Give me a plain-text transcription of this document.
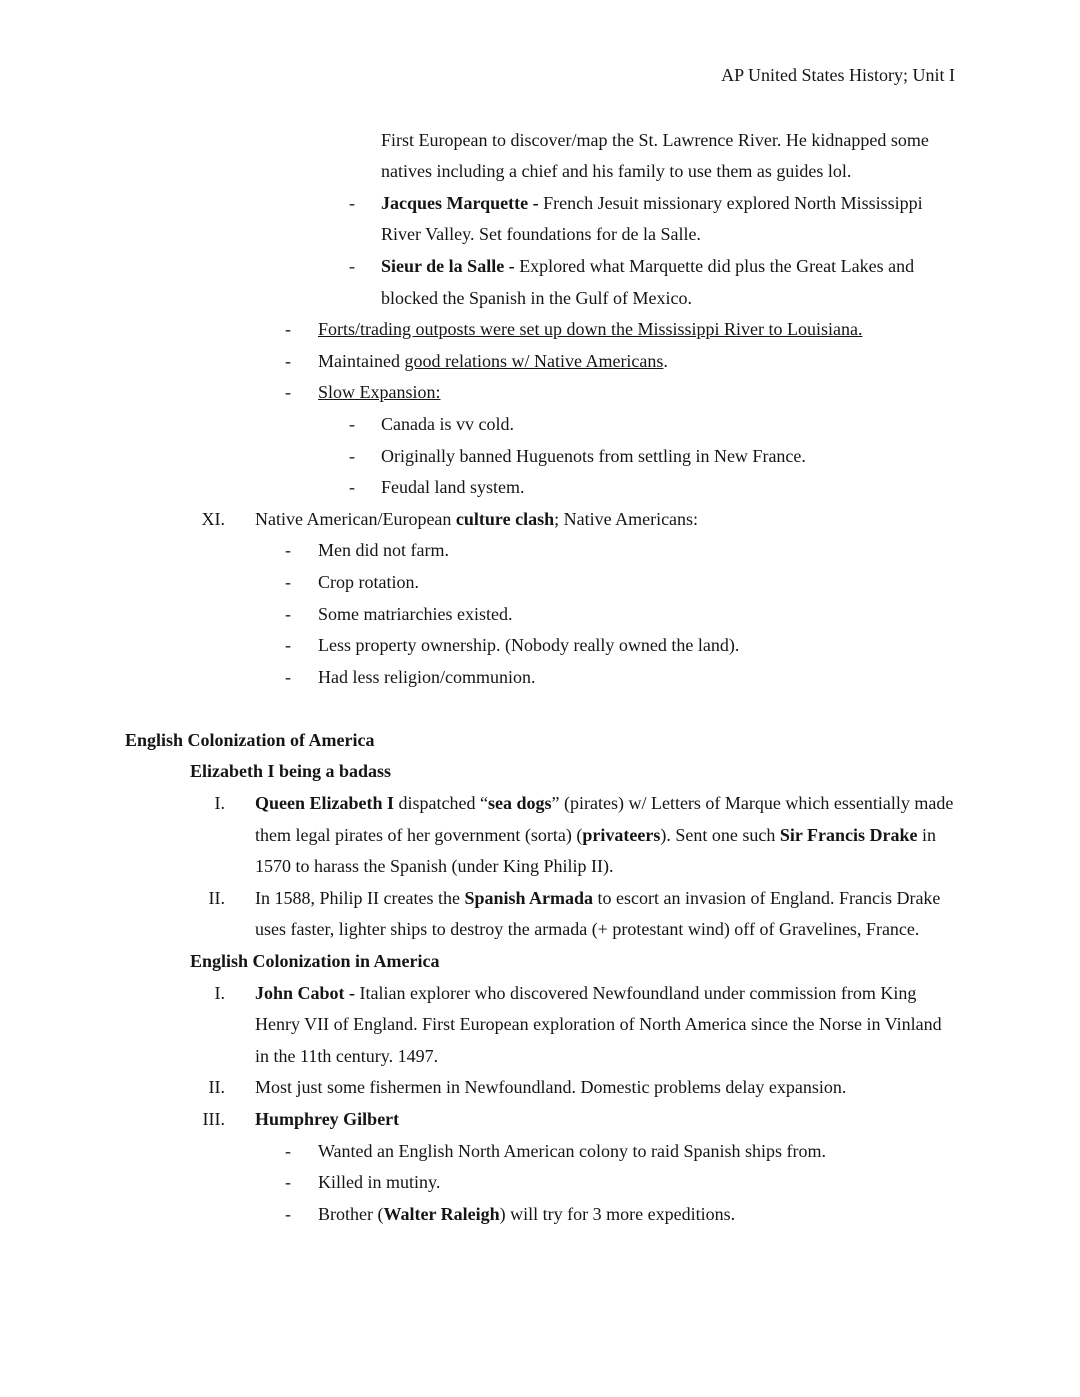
AP United States History; Unit I
First European to discover/map the St. Lawrence River. He kidnapped some natives including a chief and his family to use them as guides lol.
-	Jacques Marquette - French Jesuit missionary explored North Mississippi River Valley. Set foundations for de la Salle.
-	Sieur de la Salle - Explored what Marquette did plus the Great Lakes and blocked the Spanish in the Gulf of Mexico.
-	Forts/trading outposts were set up down the Mississippi River to Louisiana.
-	Maintained good relations w/ Native Americans.
-	Slow Expansion:
-	Canada is vv cold.
-	Originally banned Huguenots from settling in New France.
-	Feudal land system.
XI.	Native American/European culture clash; Native Americans:
-	Men did not farm.
-	Crop rotation.
-	Some matriarchies existed.
-	Less property ownership. (Nobody really owned the land).
-	Had less religion/communion.
English Colonization of America
Elizabeth I being a badass
I.	Queen Elizabeth I dispatched “sea dogs” (pirates) w/ Letters of Marque which essentially made them legal pirates of her government (sorta) (privateers). Sent one such Sir Francis Drake in 1570 to harass the Spanish (under King Philip II).
II.	In 1588, Philip II creates the Spanish Armada to escort an invasion of England. Francis Drake uses faster, lighter ships to destroy the armada (+ protestant wind) off of Gravelines, France.
English Colonization in America
I.	John Cabot - Italian explorer who discovered Newfoundland under commission from King Henry VII of England. First European exploration of North America since the Norse in Vinland in the 11th century. 1497.
II.	Most just some fishermen in Newfoundland. Domestic problems delay expansion.
III.	Humphrey Gilbert
-	Wanted an English North American colony to raid Spanish ships from.
-	Killed in mutiny.
-	Brother (Walter Raleigh) will try for 3 more expeditions.
